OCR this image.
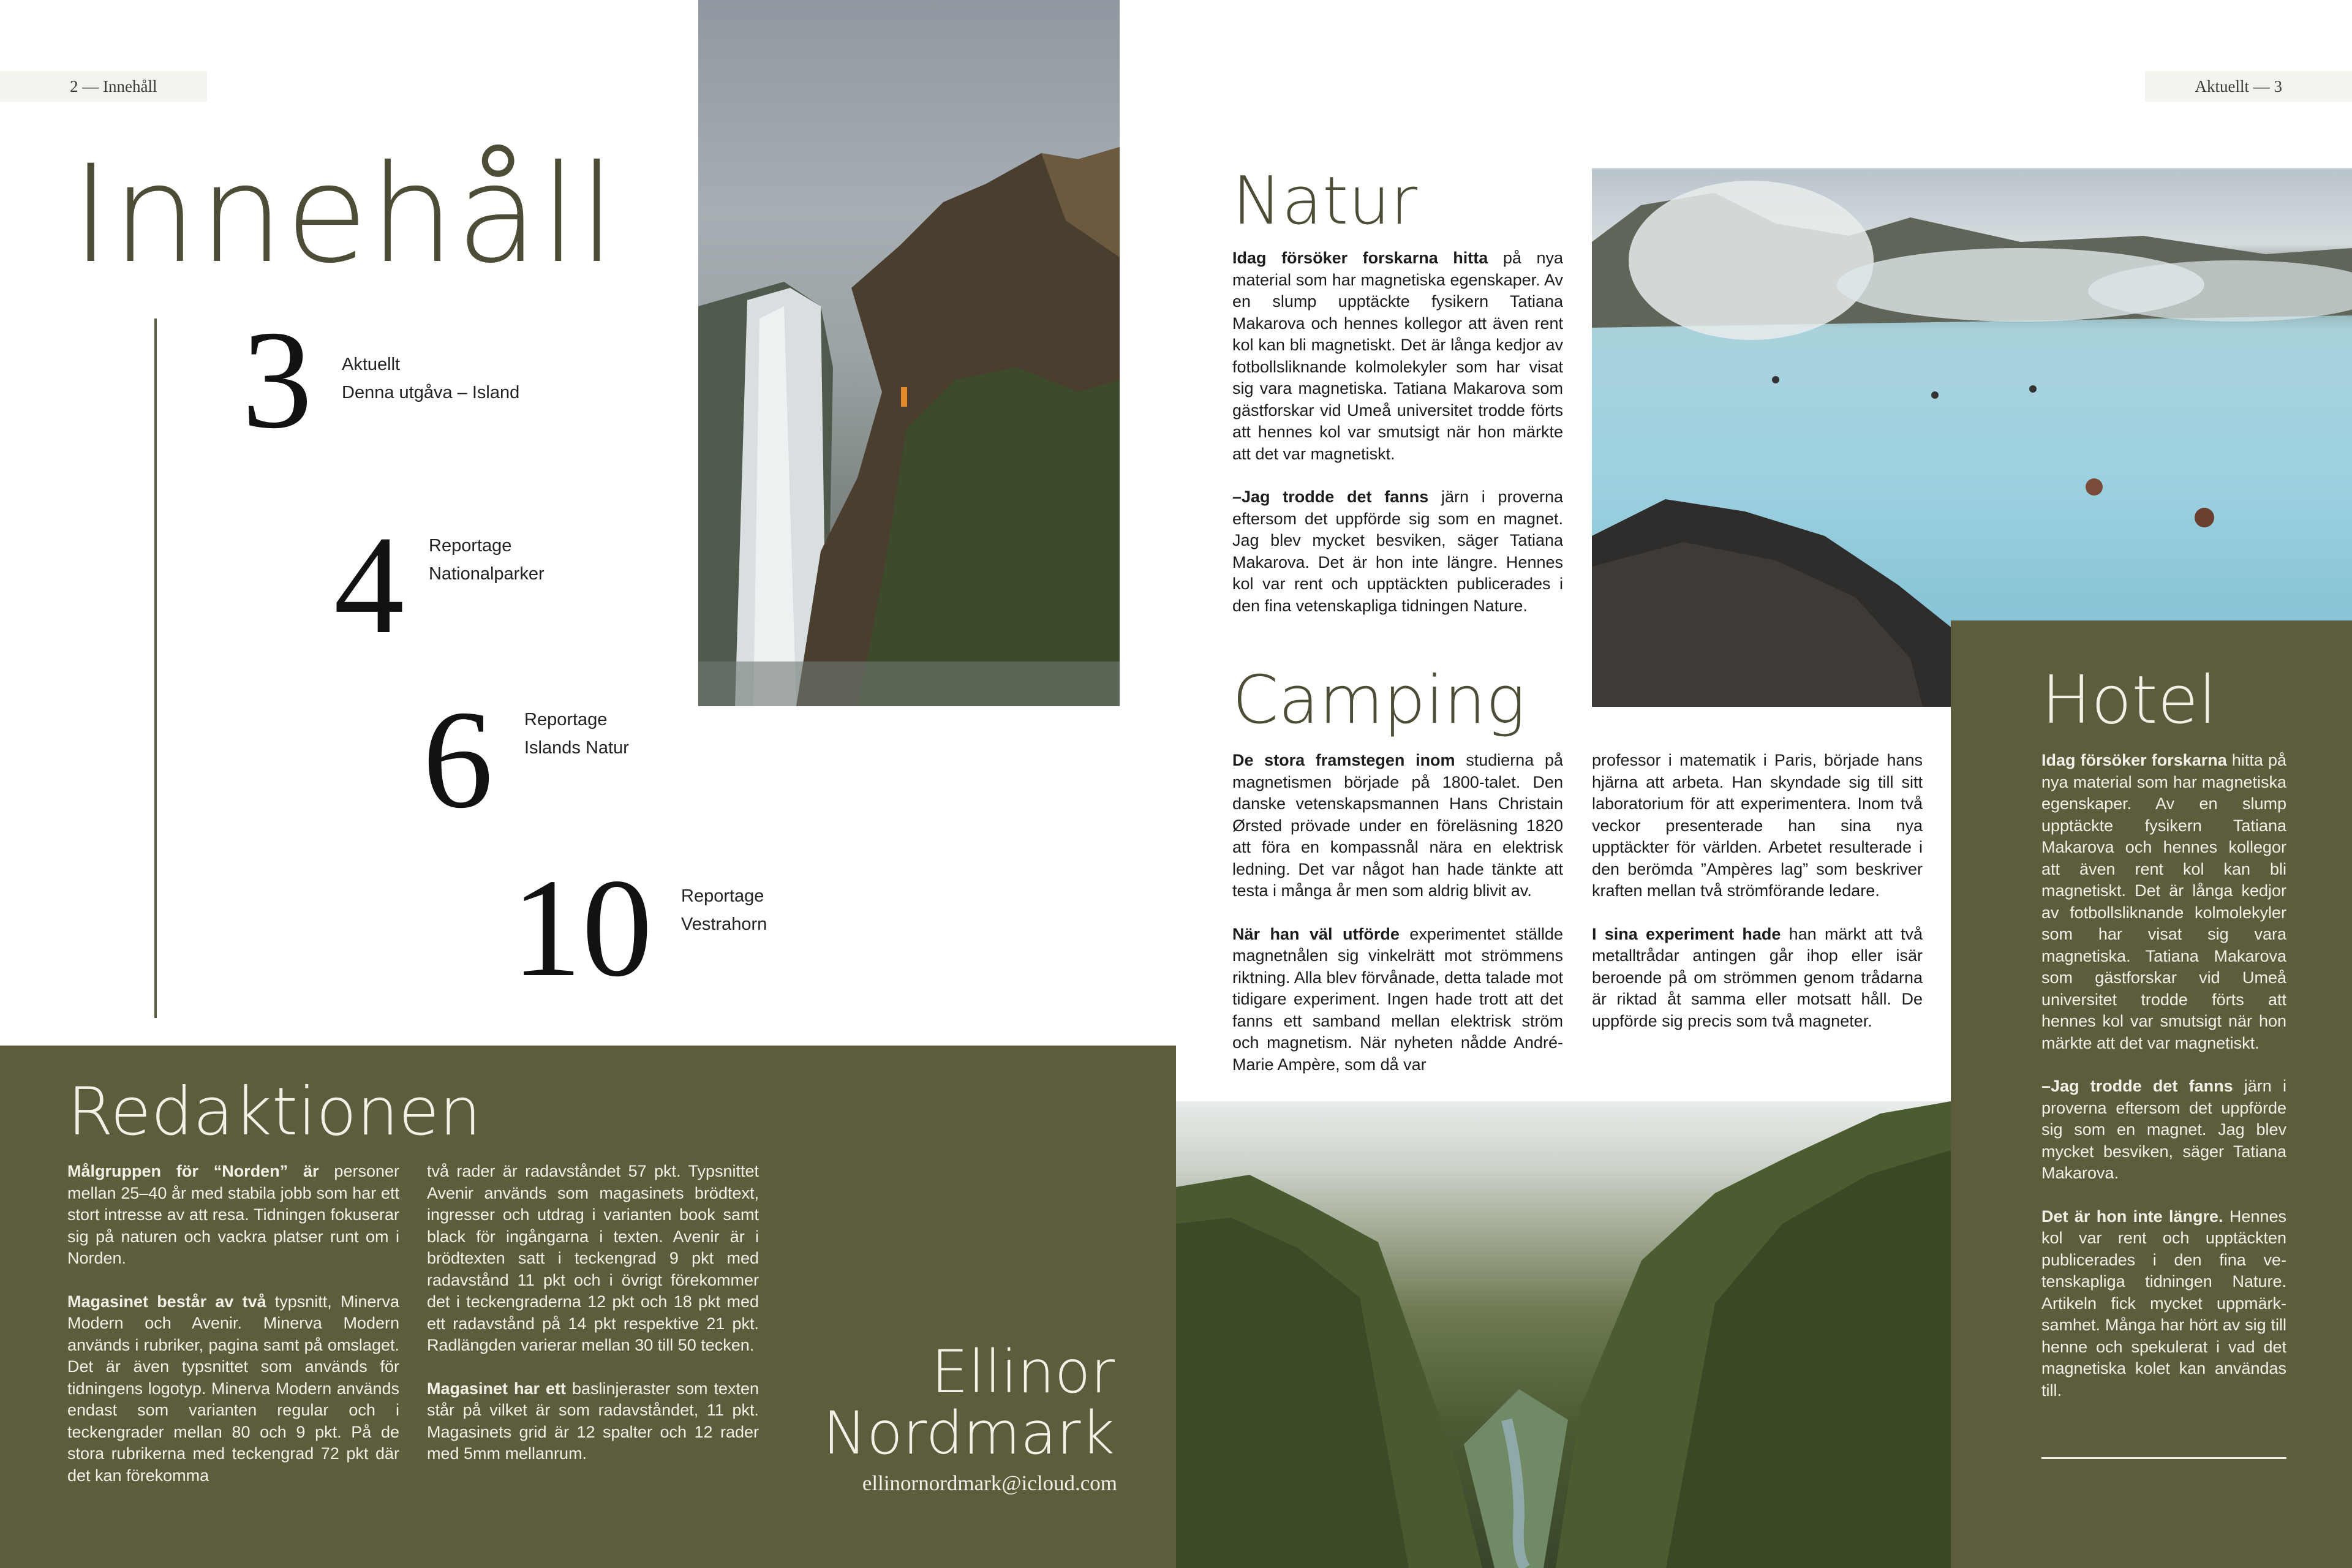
2 — Innehåll	Aktuellt — 3
Innehåll
3 Aktuellt
Denna utgåva – Island
4 Reportage
Nationalparker
6 Reportage
Islands Natur
10 Reportage
Vestrahorn
Natur

Idag försöker forskarna hitta på nya material som har magnetiska egenskaper. Av en slump upptäckte fysikern Tatiana Makarova och hennes kollegor att även rent kol kan bli magnetiskt. Det är långa kedjor av fotbollsliknande kolmolekyler som har visat sig vara magnetiska. Tatiana Makarova som gästforskar vid Umeå universitet trodde förts att hennes kol var smutsigt när hon märkte att det var magnetiskt.

–Jag trodde det fanns järn i proverna eftersom det uppförde sig som en magnet. Jag blev mycket besviken, säger Tatiana Makarova. Det är hon inte längre. Hennes kol var rent och upptäckten publicerades i den fina vetenskapliga tidningen Nature.

Camping

De stora framstegen inom studierna på magnetismen började på 1800-talet. Den danske vetenskapsmannen Hans Christain Ørsted prövade under en föreläsning 1820 att föra en kompassnål nära en elektrisk ledning. Det var något han hade tänkte att testa i många år men som aldrig blivit av.

När han väl utförde experimentet ställde magnetnålen sig vinkelrätt mot strömmens riktning. Alla blev förvånade, detta talade mot tidigare experiment. Ingen hade trott att det fanns ett samband mellan elektrisk ström och magnetism. När nyheten nådde André-Marie Ampère, som då var

professor i matematik i Paris, började hans hjärna att arbeta. Han skyndade sig till sitt laboratorium för att experimentera. Inom två veckor presenterade han sina nya upptäckter för världen. Arbetet resulterade i den berömda ”Ampères lag” som beskriver kraften mellan två strömförande ledare.

I sina experiment hade han märkt att två metalltrådar antingen går ihop eller isär beroende på om strömmen genom trådarna är riktad åt samma eller motsatt håll. De uppförde sig precis som två magneter.

Hotel

Idag försöker forskarna hitta på nya material som har magnetiska egenskaper. Av en slump upptäckte fysikern Tatiana Makarova och hennes kollegor att även rent kol kan bli magnetiskt. Det är långa kedjor av fotbollsliknande kolmolekyler som har visat sig vara magnetiska. Tatiana Makarova som gästforskar vid Umeå universitet trodde förts att hennes kol var smutsigt när hon märkte att det var magnetiskt.

–Jag trodde det fanns järn i proverna eftersom det uppförde sig som en magnet. Jag blev mycket besviken, säger Tatiana Makarova.

Det är hon inte längre. Hennes kol var rent och upptäckten publicerades i den fina vetenskapliga tidningen Nature. Artikeln fick mycket uppmärksamhet. Många har hört av sig till henne och spekulerat i vad det magnetiska kolet kan användas till.

Redaktionen

Målgruppen för “Norden” är personer mellan 25–40 år med stabila jobb som har ett stort intresse av att resa. Tidningen fokuserar sig på naturen och vackra platser runt om i Norden.

Magasinet består av två typsnitt, Minerva Modern och Avenir. Minerva Modern används i rubriker, pagina samt på omslaget. Det är även typsnittet som används för tidningens logotyp. Minerva Modern används endast som varianten regular och i teckengrader mellan 80 och 9 pkt. På de stora rubrikerna med teckengrad 72 pkt där det kan förekomma

två rader är radavståndet 57 pkt. Typsnittet Avenir används som magasinets brödtext, ingresser och utdrag i varianten book samt black för ingångarna i texten. Avenir är i brödtexten satt i teckengrad 9 pkt med radavstånd 11 pkt och i övrigt förekommer det i teckengraderna 12 pkt och 18 pkt med ett radavstånd på 14 pkt respektive 21 pkt. Radlängden varierar mellan 30 till 50 tecken.

Magasinet har ett baslinjeraster som texten står på vilket är som radavståndet, 11 pkt. Magasinets grid är 12 spalter och 12 rader med 5mm mellanrum.

Ellinor
Nordmark
ellinornordmark@icloud.com
